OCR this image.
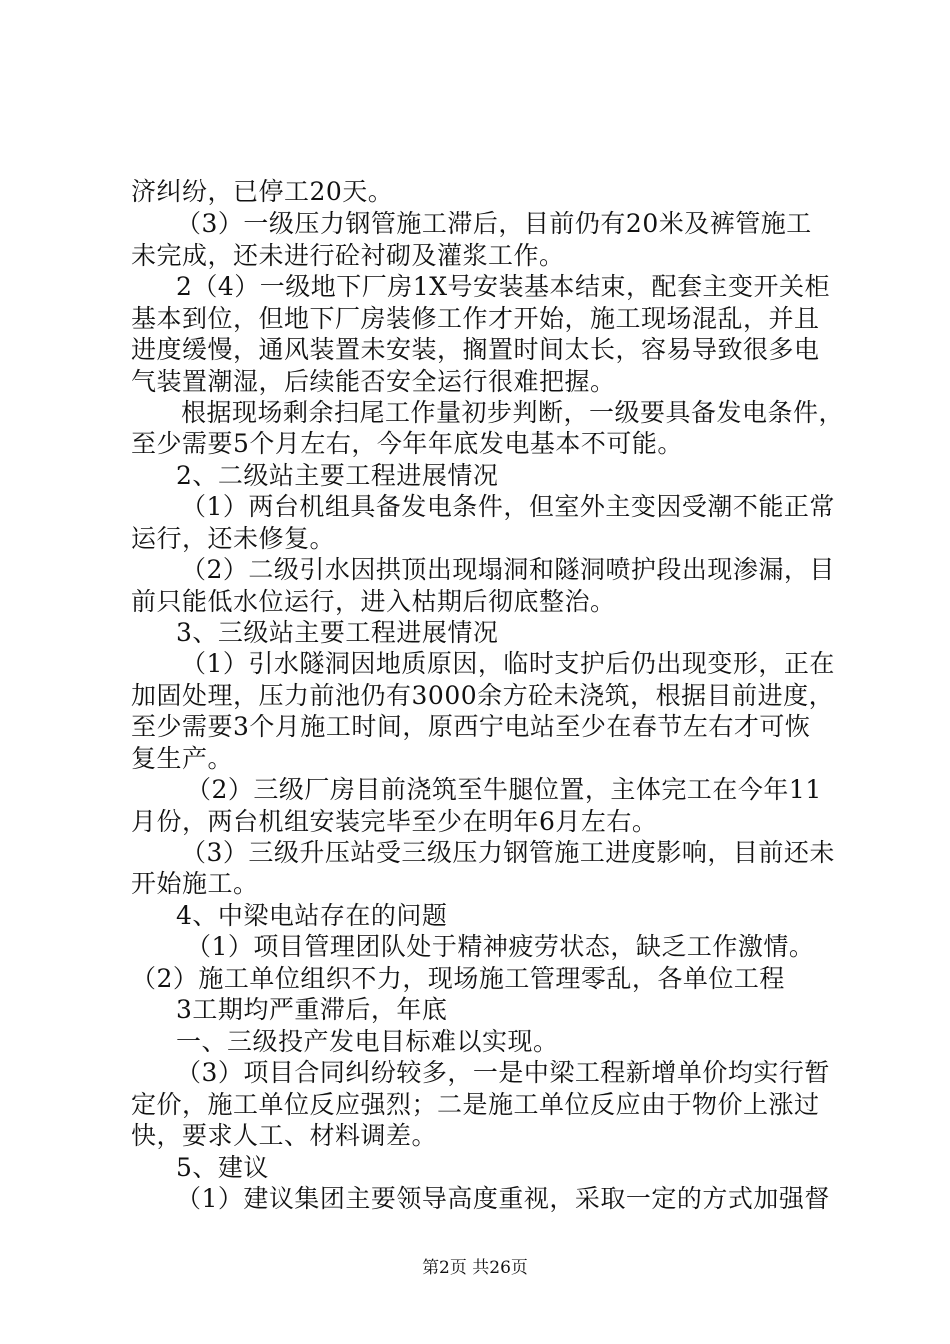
济纠纷，已停工20天。
（3）一级压力钢管施工滞后，目前仍有20米及裤管施工
未完成，还未进行砼衬砌及灌浆工作。
2（4）一级地下厂房1X号安装基本结束，配套主变开关柜
基本到位，但地下厂房装修工作才开始，施工现场混乱，并且
进度缓慢，通风装置未安装，搁置时间太长，容易导致很多电
气装置潮湿，后续能否安全运行很难把握。
根据现场剩余扫尾工作量初步判断，一级要具备发电条件，
至少需要5个月左右，今年年底发电基本不可能。
2、二级站主要工程进展情况
（1）两台机组具备发电条件，但室外主变因受潮不能正常
运行，还未修复。
（2）二级引水因拱顶出现塌洞和隧洞喷护段出现渗漏，目
前只能低水位运行，进入枯期后彻底整治。
3、三级站主要工程进展情况
（1）引水隧洞因地质原因，临时支护后仍出现变形，正在
加固处理，压力前池仍有3000余方砼未浇筑，根据目前进度，
至少需要3个月施工时间，原西宁电站至少在春节左右才可恢
复生产。
（2）三级厂房目前浇筑至牛腿位置，主体完工在今年11
月份，两台机组安装完毕至少在明年6月左右。
（3）三级升压站受三级压力钢管施工进度影响，目前还未
开始施工。
4、中梁电站存在的问题
（1）项目管理团队处于精神疲劳状态，缺乏工作激情。
（2）施工单位组织不力，现场施工管理零乱，各单位工程
3工期均严重滞后，年底
一、三级投产发电目标难以实现。
（3）项目合同纠纷较多，一是中梁工程新增单价均实行暂
定价，施工单位反应强烈；二是施工单位反应由于物价上涨过
快，要求人工、材料调差。
5、建议
（1）建议集团主要领导高度重视，采取一定的方式加强督
第2页 共26页
